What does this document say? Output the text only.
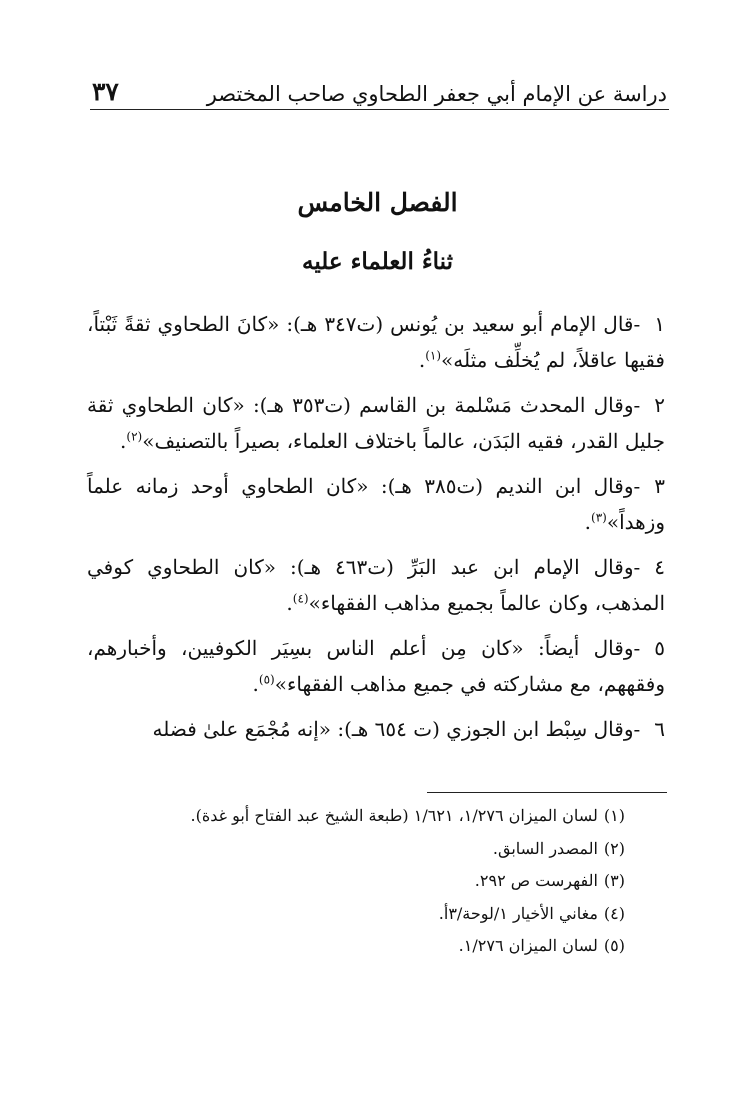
دراسة عن الإمام أبي جعفر الطحاوي صاحب المختصر
٣٧
الفصل الخامس
ثناءُ العلماء عليه

١-قال الإمام أبو سعيد بن يُونس (ت٣٤٧ هـ): «كانَ الطحاوي ثقةً ثَبْتاً، فقيها عاقلاً، لم يُخلِّف مثلَه»$^{(١)}$.

٢-وقال المحدث مَسْلمة بن القاسم (ت٣٥٣ هـ): «كان الطحاوي ثقة جليل القدر، فقيه البَدَن، عالماً باختلاف العلماء، بصيراً بالتصنيف»$^{(٢)}$.

٣-وقال ابن النديم (ت٣٨٥ هـ): «كان الطحاوي أوحد زمانه علماً وزهداً»$^{(٣)}$.

٤-وقال الإمام ابن عبد البَرِّ (ت٤٦٣ هـ): «كان الطحاوي كوفي المذهب، وكان عالماً بجميع مذاهب الفقهاء»$^{(٤)}$.

٥-وقال أيضاً: «كان مِن أعلم الناس بسِيَر الكوفيين، وأخبارهم، وفقههم، مع مشاركته في جميع مذاهب الفقهاء»$^{(٥)}$.

٦-وقال سِبْط ابن الجوزي (ت ٦٥٤ هـ): «إنه مُجْمَع علىٰ فضله

(١)لسان الميزان ١/٢٧٦، ١/٦٢١ (طبعة الشيخ عبد الفتاح أبو غدة).
(٢)المصدر السابق.
(٣)الفهرست ص ٢٩٢.
(٤)مغاني الأخيار ١/لوحة/٣أ.
(٥)لسان الميزان ١/٢٧٦.
